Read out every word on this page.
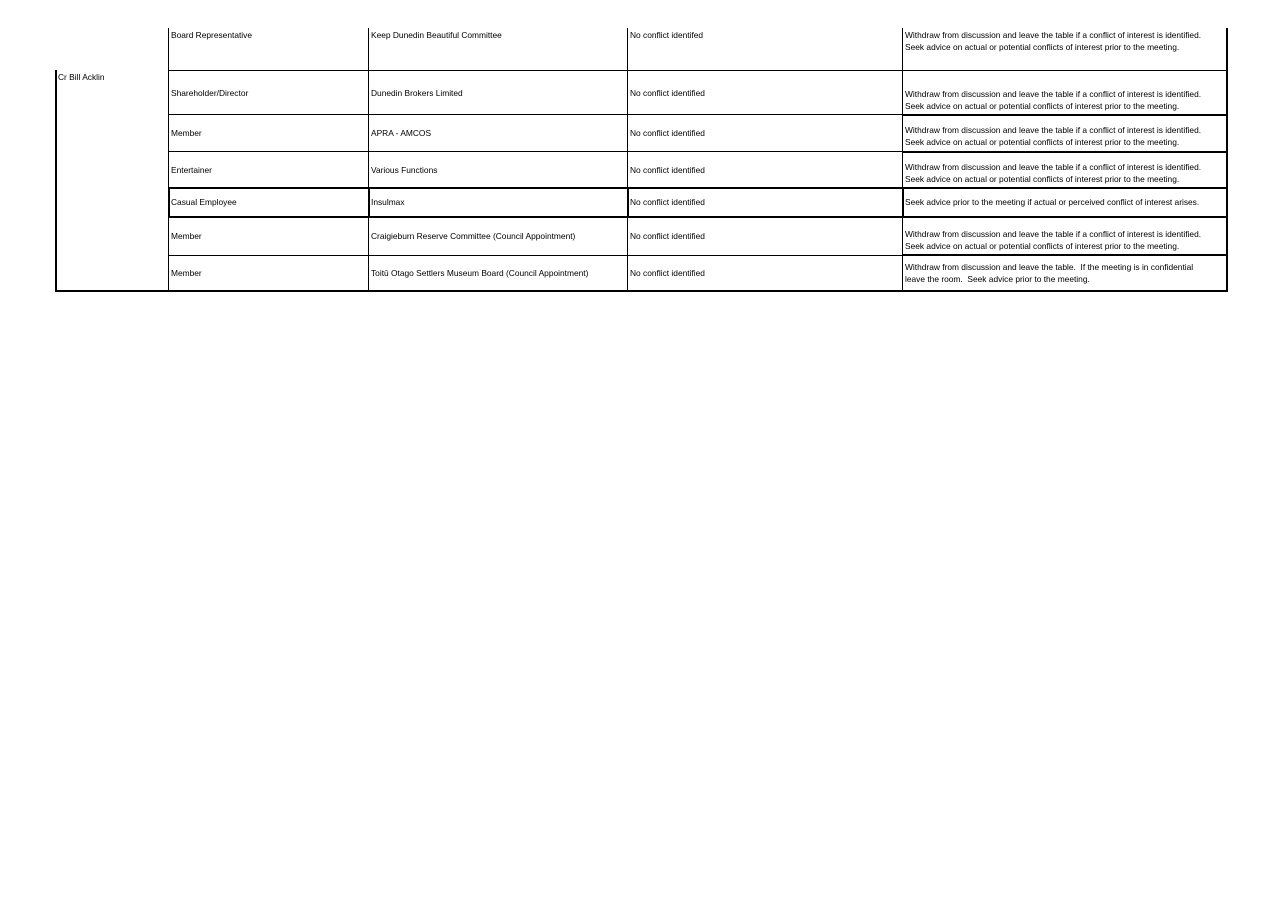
Cr Bill Acklin
Board Representative	Keep Dunedin Beautiful Committee	No conflict identifed	Withdraw from discussion and leave the table if a conflict of interest is identified.
Seek advice on actual or potential conflicts of interest prior to the meeting.
Shareholder/Director	Dunedin Brokers Limited	No conflict identified	Withdraw from discussion and leave the table if a conflict of interest is identified.
Seek advice on actual or potential conflicts of interest prior to the meeting.
Member	APRA - AMCOS	No conflict identified	Withdraw from discussion and leave the table if a conflict of interest is identified.
Seek advice on actual or potential conflicts of interest prior to the meeting.
Entertainer	Various Functions	No conflict identified	Withdraw from discussion and leave the table if a conflict of interest is identified.
Seek advice on actual or potential conflicts of interest prior to the meeting.
Casual Employee	Insulmax	No conflict identified	Seek advice prior to the meeting if actual or perceived conflict of interest arises.
Member	Craigieburn Reserve Committee (Council Appointment)	No conflict identified	Withdraw from discussion and leave the table if a conflict of interest is identified.
Seek advice on actual or potential conflicts of interest prior to the meeting.
Member	Toitū Otago Settlers Museum Board (Council Appointment)	No conflict identified
Withdraw from discussion and leave the table.  If the meeting is in confidential
leave the room.  Seek advice prior to the meeting.
